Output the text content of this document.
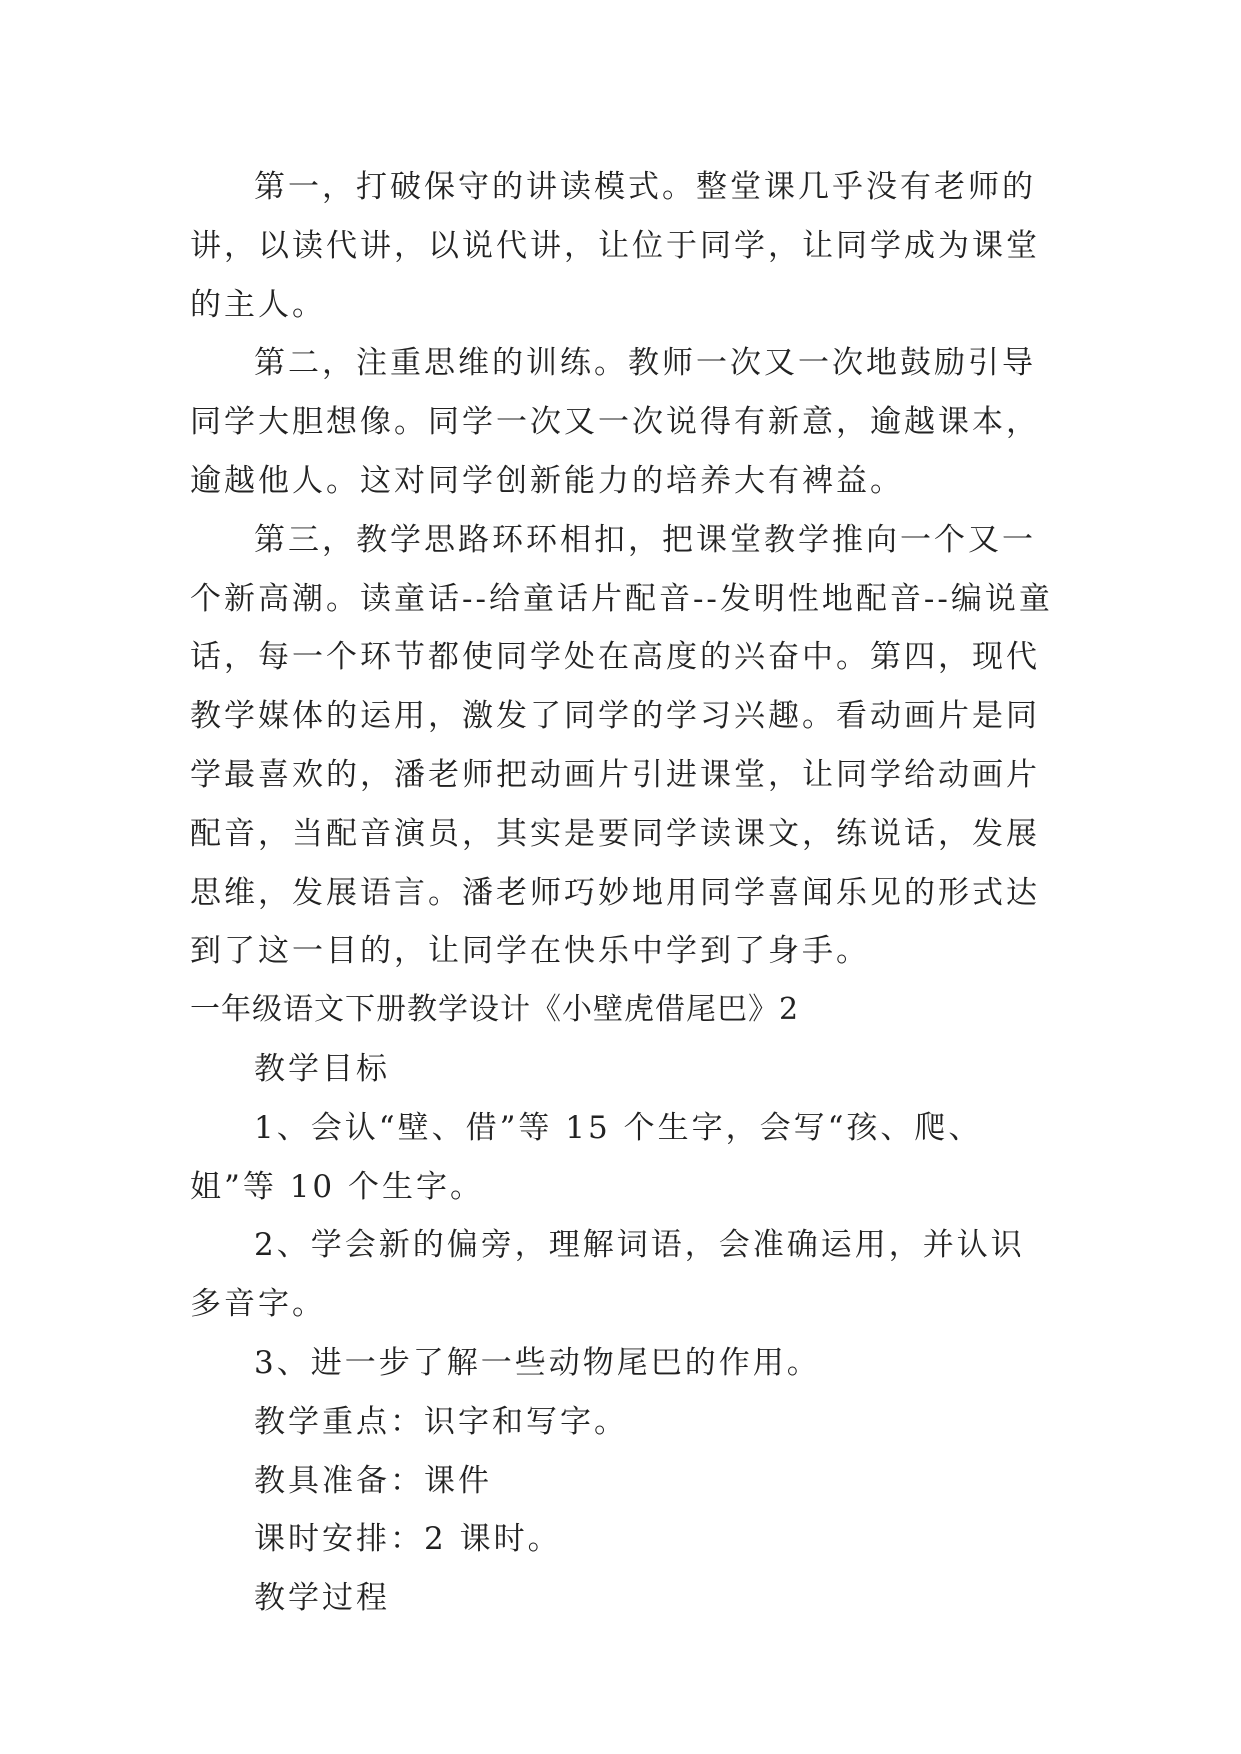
第一，打破保守的讲读模式。整堂课几乎没有老师的讲，以读代讲，以说代讲，让位于同学，让同学成为课堂的主人。

第二，注重思维的训练。教师一次又一次地鼓励引导同学大胆想像。同学一次又一次说得有新意，逾越课本，逾越他人。这对同学创新能力的培养大有裨益。

第三，教学思路环环相扣，把课堂教学推向一个又一个新高潮。读童话--给童话片配音--发明性地配音--编说童话，每一个环节都使同学处在高度的兴奋中。第四，现代教学媒体的运用，激发了同学的学习兴趣。看动画片是同学最喜欢的，潘老师把动画片引进课堂，让同学给动画片配音，当配音演员，其实是要同学读课文，练说话，发展思维，发展语言。潘老师巧妙地用同学喜闻乐见的形式达到了这一目的，让同学在快乐中学到了身手。

一年级语文下册教学设计《小壁虎借尾巴》2

教学目标

1、会认“壁、借”等 15 个生字，会写“孩、爬、姐”等 10 个生字。

2、学会新的偏旁，理解词语，会准确运用，并认识多音字。

3、进一步了解一些动物尾巴的作用。

教学重点：识字和写字。

教具准备：课件

课时安排：2 课时。

教学过程
